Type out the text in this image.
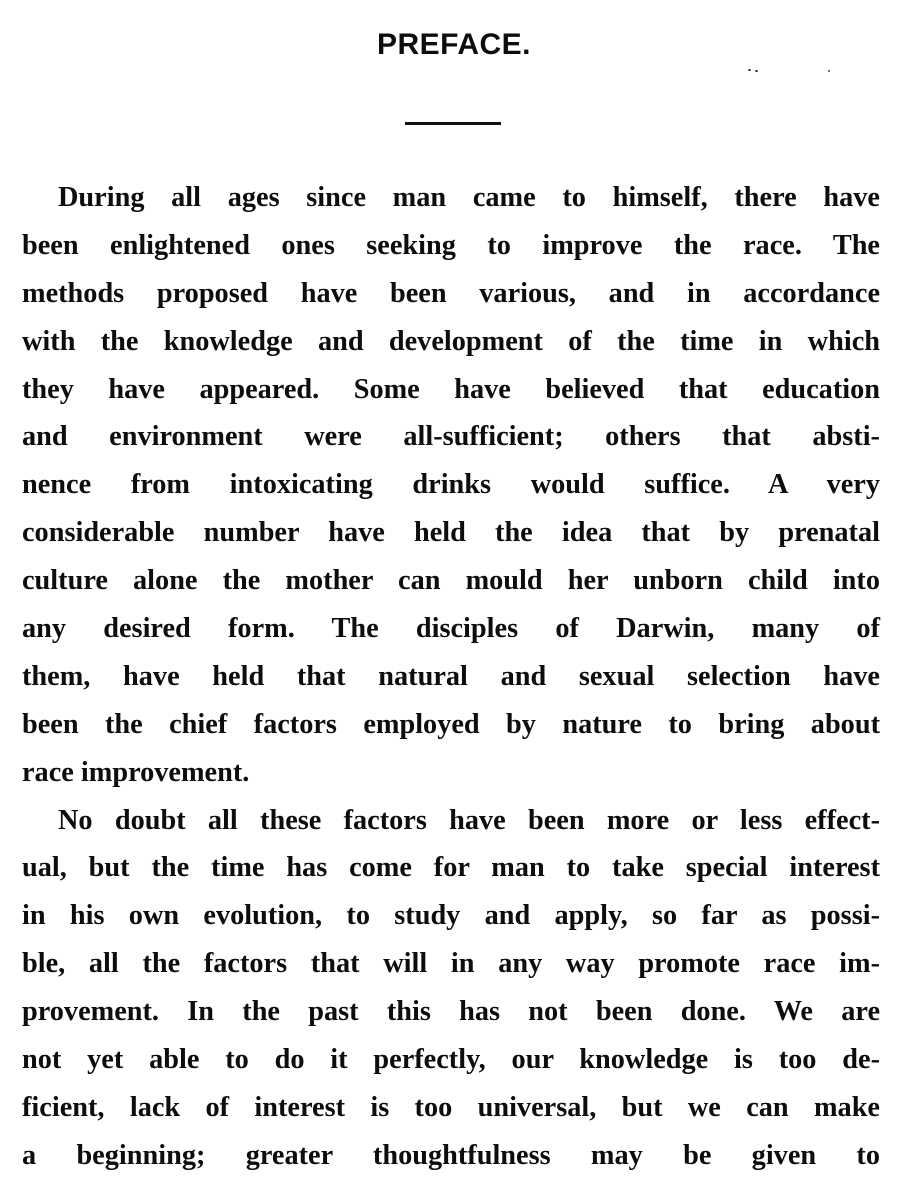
PREFACE.
During all ages since man came to himself, there have
been enlightened ones seeking to improve the race. The
methods proposed have been various, and in accordance
with the knowledge and development of the time in which
they have appeared. Some have believed that education
and environment were all-sufficient; others that absti-
nence from intoxicating drinks would suffice. A very
considerable number have held the idea that by prenatal
culture alone the mother can mould her unborn child into
any desired form. The disciples of Darwin, many of
them, have held that natural and sexual selection have
been the chief factors employed by nature to bring about
race improvement.
No doubt all these factors have been more or less effect-
ual, but the time has come for man to take special interest
in his own evolution, to study and apply, so far as possi-
ble, all the factors that will in any way promote race im-
provement. In the past this has not been done. We are
not yet able to do it perfectly, our knowledge is too de-
ficient, lack of interest is too universal, but we can make
a beginning; greater thoughtfulness may be given to
